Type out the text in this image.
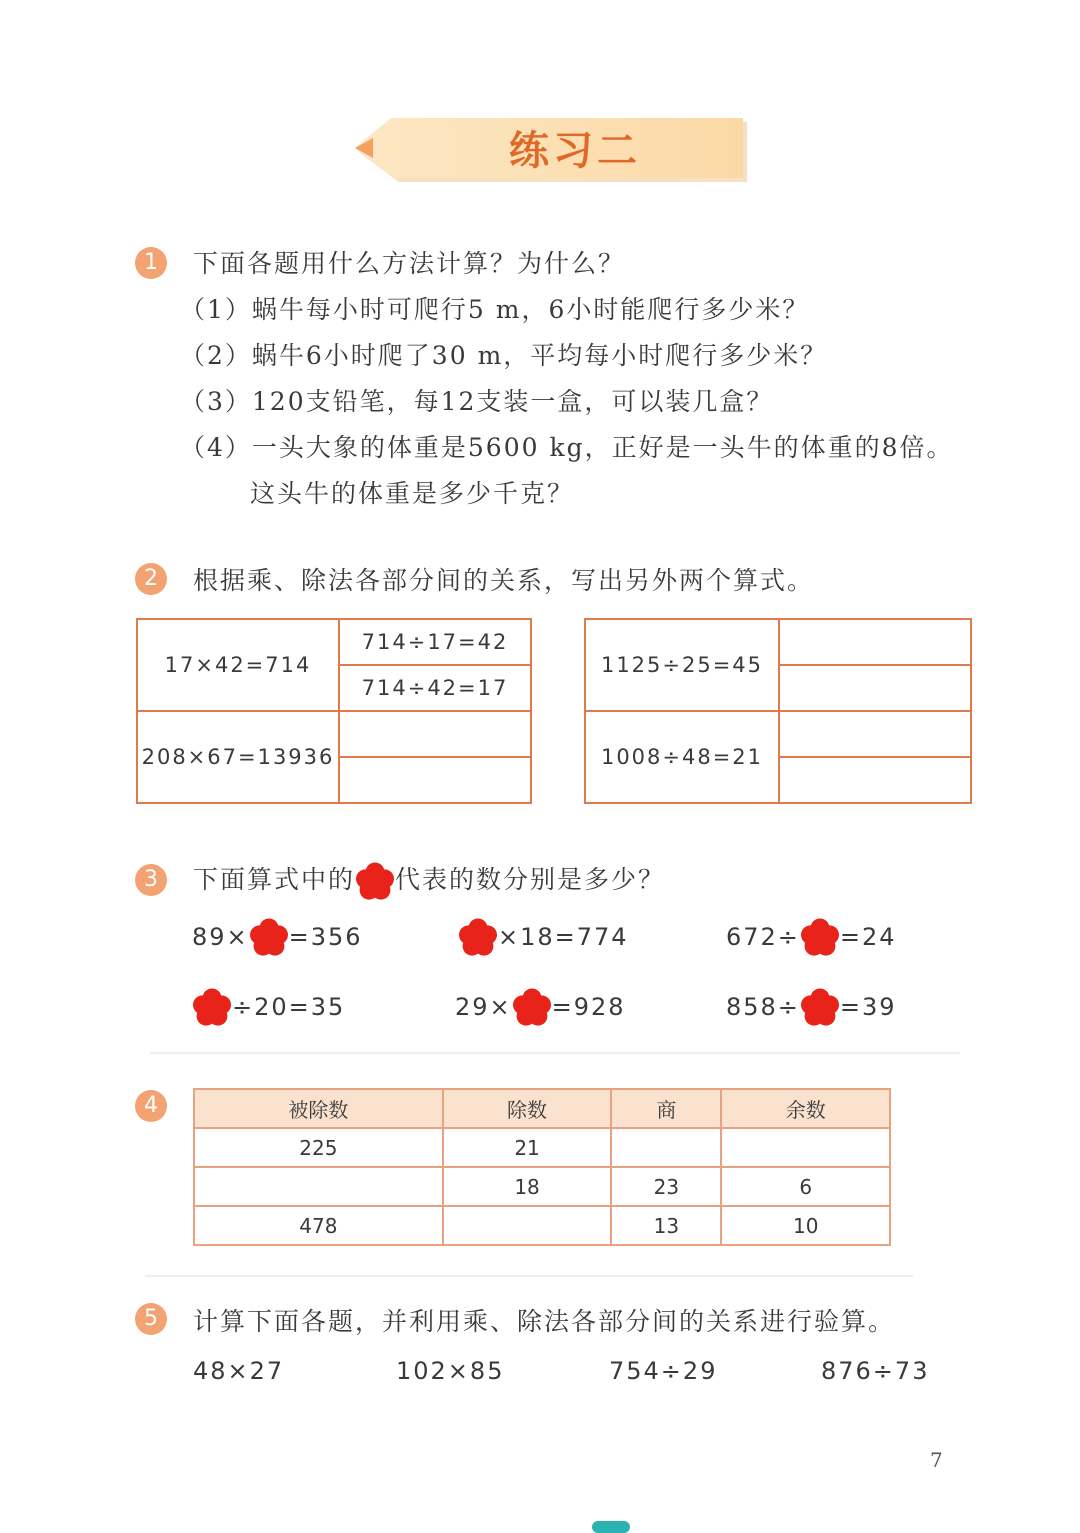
练习二
1	下面各题用什么方法计算？为什么？
（1）蜗牛每小时可爬行5 m，6小时能爬行多少米？
（2）蜗牛6小时爬了30 m，平均每小时爬行多少米？
（3）120支铅笔，每12支装一盒，可以装几盒？
（4）一头大象的体重是5600 kg，正好是一头牛的体重的8倍。
这头牛的体重是多少千克？
2	根据乘、除法各部分间的关系，写出另外两个算式。
17×42=714	714÷17=42
	714÷42=17
208×67=13936	

1125÷25=45	

1008÷48=21	

3	下面算式中的 代表的数分别是多少？
89× =356	×18=774	672÷ =24
÷20=35	29× =928	858÷ =39
4	被除数	除数	商	余数
225	21		
	18	23	6
478		13	10
5	计算下面各题，并利用乘、除法各部分间的关系进行验算。
48×27	102×85	754÷29	876÷73
7
